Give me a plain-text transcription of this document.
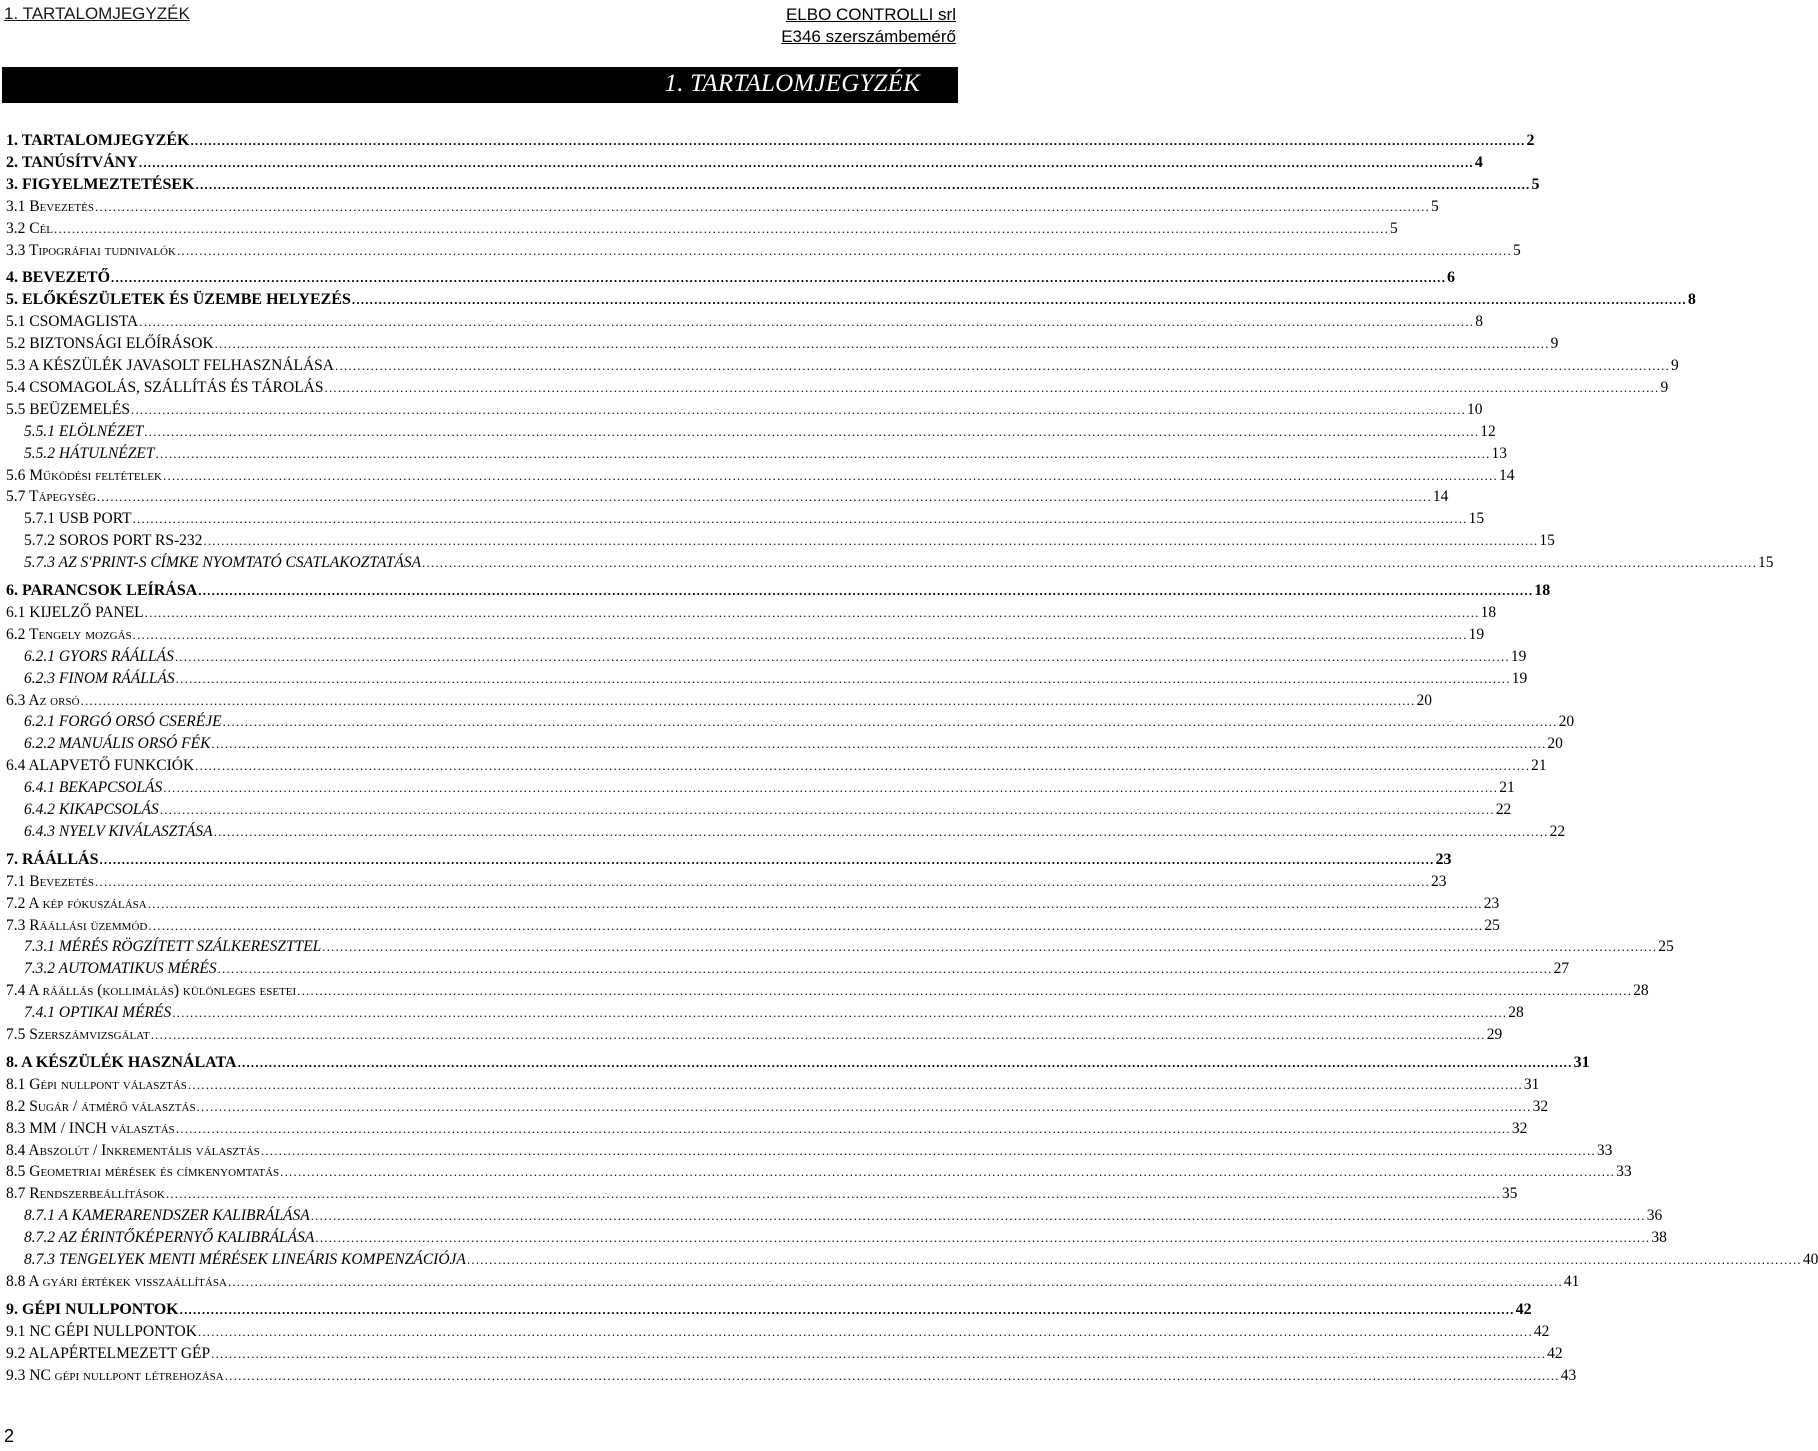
1. TARTALOMJEGYZÉK	ELBO CONTROLLI srl
E346 szerszámbemérő
1. TARTALOMJEGYZÉK
1. TARTALOMJEGYZÉK ............................................................................................................................................................................................................................................................................................................ 2
2. TANÚSÍTVÁNY ............................................................................................................................................................................................................................................................................................................ 4
3. FIGYELMEZTETÉSEK ............................................................................................................................................................................................................................................................................................................ 5
3.1 Bevezetés ............................................................................................................................................................................................................................................................................................................ 5
3.2 Cél ............................................................................................................................................................................................................................................................................................................ 5
3.3 Tipográfiai tudnivalók ............................................................................................................................................................................................................................................................................................................ 5
4. BEVEZETŐ ............................................................................................................................................................................................................................................................................................................ 6
5. ELŐKÉSZÜLETEK ÉS ÜZEMBE HELYEZÉS ............................................................................................................................................................................................................................................................................................................ 8
5.1 CSOMAGLISTA ............................................................................................................................................................................................................................................................................................................ 8
5.2 BIZTONSÁGI ELŐÍRÁSOK ............................................................................................................................................................................................................................................................................................................ 9
5.3 A KÉSZÜLÉK JAVASOLT FELHASZNÁLÁSA ............................................................................................................................................................................................................................................................................................................ 9
5.4 CSOMAGOLÁS, SZÁLLÍTÁS ÉS TÁROLÁS ............................................................................................................................................................................................................................................................................................................ 9
5.5 BEÜZEMELÉS ............................................................................................................................................................................................................................................................................................................ 10
5.5.1 ELÖLNÉZET ............................................................................................................................................................................................................................................................................................................ 12
5.5.2 HÁTULNÉZET ............................................................................................................................................................................................................................................................................................................ 13
5.6 Működési feltételek ............................................................................................................................................................................................................................................................................................................ 14
5.7 Tápegység ............................................................................................................................................................................................................................................................................................................ 14
5.7.1 USB PORT ............................................................................................................................................................................................................................................................................................................ 15
5.7.2 SOROS PORT RS-232 ............................................................................................................................................................................................................................................................................................................ 15
5.7.3 AZ S'PRINT-S CÍMKE NYOMTATÓ CSATLAKOZTATÁSA ............................................................................................................................................................................................................................................................................................................ 15
6. PARANCSOK LEÍRÁSA ............................................................................................................................................................................................................................................................................................................ 18
6.1 KIJELZŐ PANEL ............................................................................................................................................................................................................................................................................................................ 18
6.2 Tengely mozgás ............................................................................................................................................................................................................................................................................................................ 19
6.2.1 GYORS RÁÁLLÁS ............................................................................................................................................................................................................................................................................................................ 19
6.2.3 FINOM RÁÁLLÁS ............................................................................................................................................................................................................................................................................................................ 19
6.3 Az orsó ............................................................................................................................................................................................................................................................................................................ 20
6.2.1 FORGÓ ORSÓ CSERÉJE ............................................................................................................................................................................................................................................................................................................ 20
6.2.2 MANUÁLIS ORSÓ FÉK ............................................................................................................................................................................................................................................................................................................ 20
6.4 ALAPVETŐ FUNKCIÓK ............................................................................................................................................................................................................................................................................................................ 21
6.4.1 BEKAPCSOLÁS ............................................................................................................................................................................................................................................................................................................ 21
6.4.2 KIKAPCSOLÁS ............................................................................................................................................................................................................................................................................................................ 22
6.4.3 NYELV KIVÁLASZTÁSA ............................................................................................................................................................................................................................................................................................................ 22
7. RÁÁLLÁS ............................................................................................................................................................................................................................................................................................................ 23
7.1 Bevezetés ............................................................................................................................................................................................................................................................................................................ 23
7.2 A kép fókuszálása ............................................................................................................................................................................................................................................................................................................ 23
7.3 Ráállási üzemmód ............................................................................................................................................................................................................................................................................................................ 25
7.3.1 MÉRÉS RÖGZÍTETT SZÁLKERESZTTEL ............................................................................................................................................................................................................................................................................................................ 25
7.3.2 AUTOMATIKUS MÉRÉS ............................................................................................................................................................................................................................................................................................................ 27
7.4 A ráállás (kollimálás) különleges esetei ............................................................................................................................................................................................................................................................................................................ 28
7.4.1 OPTIKAI MÉRÉS ............................................................................................................................................................................................................................................................................................................ 28
7.5 Szerszámvizsgálat ............................................................................................................................................................................................................................................................................................................ 29
8. A KÉSZÜLÉK HASZNÁLATA ............................................................................................................................................................................................................................................................................................................ 31
8.1 Gépi nullpont választás ............................................................................................................................................................................................................................................................................................................ 31
8.2 Sugár / átmérő választás ............................................................................................................................................................................................................................................................................................................ 32
8.3 MM / INCH választás ............................................................................................................................................................................................................................................................................................................ 32
8.4 Abszolút / Inkrementális választás ............................................................................................................................................................................................................................................................................................................ 33
8.5 Geometriai mérések és címkenyomtatás ............................................................................................................................................................................................................................................................................................................ 33
8.7 Rendszerbeállítások ............................................................................................................................................................................................................................................................................................................ 35
8.7.1 A KAMERARENDSZER KALIBRÁLÁSA ............................................................................................................................................................................................................................................................................................................ 36
8.7.2 AZ ÉRINTŐKÉPERNYŐ KALIBRÁLÁSA ............................................................................................................................................................................................................................................................................................................ 38
8.7.3 TENGELYEK MENTI MÉRÉSEK LINEÁRIS KOMPENZÁCIÓJA ............................................................................................................................................................................................................................................................................................................ 40
8.8 A gyári értékek visszaállítása ............................................................................................................................................................................................................................................................................................................ 41
9. GÉPI NULLPONTOK ............................................................................................................................................................................................................................................................................................................ 42
9.1 NC GÉPI NULLPONTOK ............................................................................................................................................................................................................................................................................................................ 42
9.2 ALAPÉRTELMEZETT GÉP ............................................................................................................................................................................................................................................................................................................ 42
9.3 NC gépi nullpont létrehozása ............................................................................................................................................................................................................................................................................................................ 43
2
